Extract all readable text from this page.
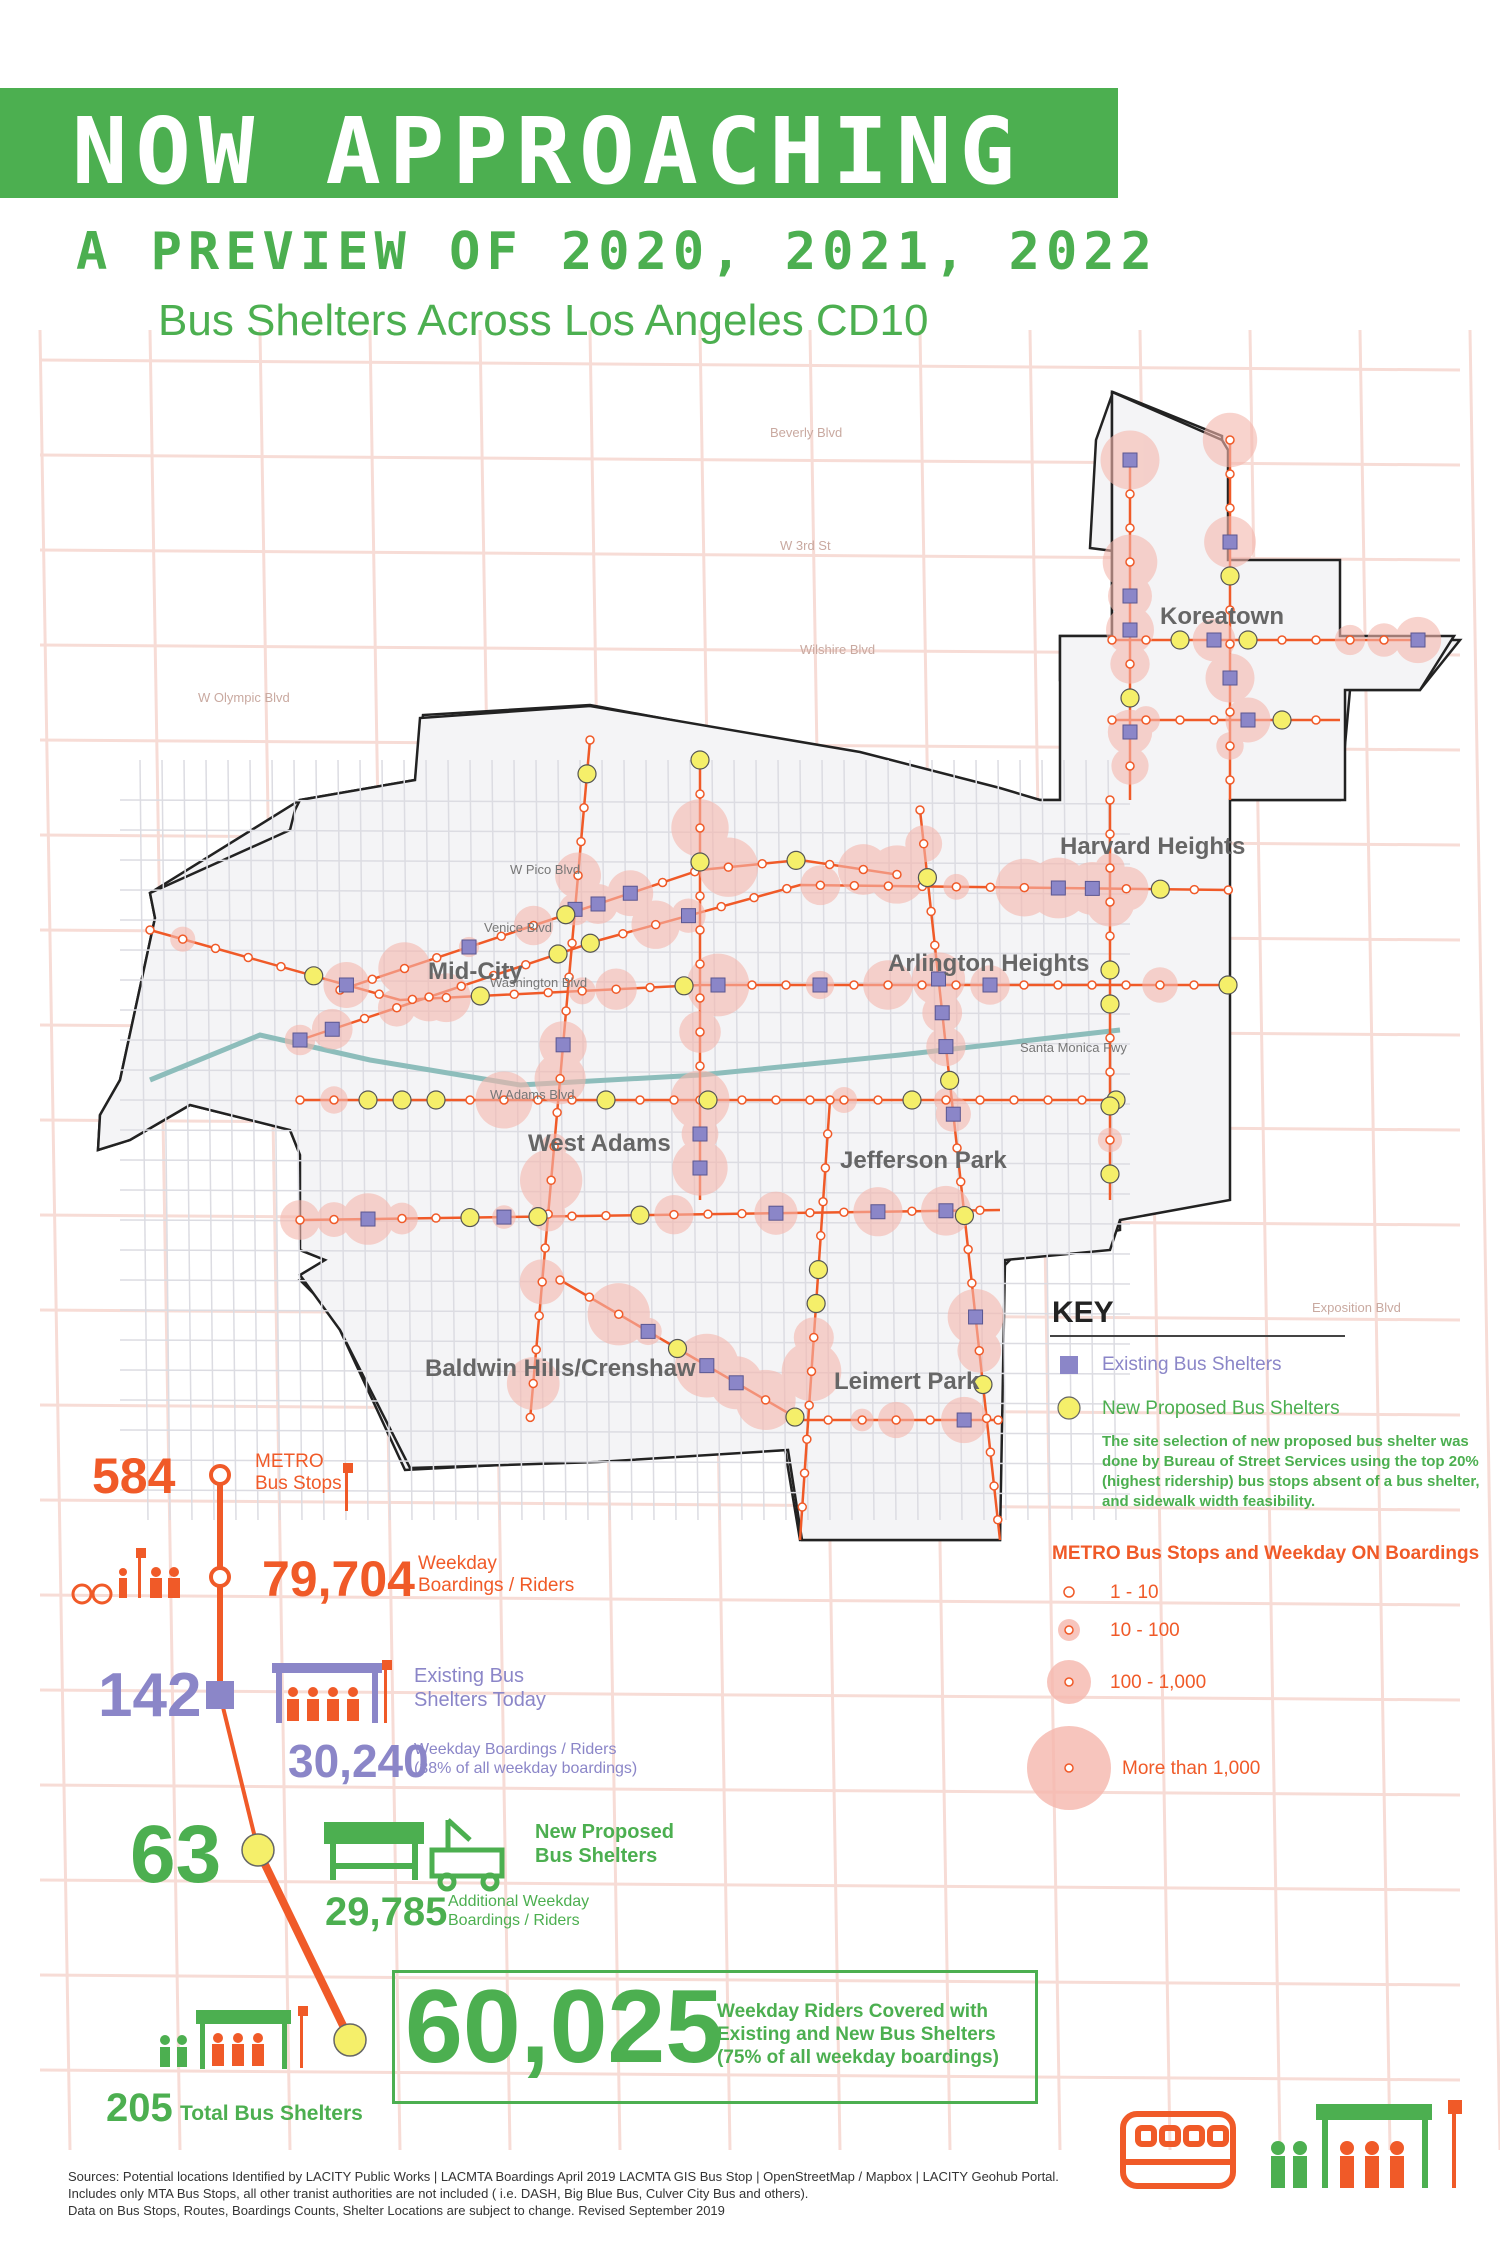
NOW APPROACHING
A PREVIEW OF 2020, 2021, 2022
Bus Shelters Across Los Angeles CD10
Koreatown
Harvard Heights
Mid-City	Arlington Heights
West Adams
Jefferson Park
Baldwin Hills/Crenshaw	Leimert Park
Beverly Blvd
W 3rd St
Wilshire Blvd
W Olympic Blvd
W Pico Blvd
Venice Blvd
Washington Blvd
W Adams Blvd
Santa Monica Fwy
Exposition Blvd
KEY
Existing Bus Shelters
New Proposed Bus Shelters
The site selection of new proposed bus shelter was
done by Bureau of Street Services using the top 20%
(highest ridership) bus stops absent of a bus shelter,
and sidewalk width feasibility.
METRO Bus Stops and Weekday ON Boardings
1 - 10
10 - 100
100 - 1,000
More than 1,000
584	METRO
Bus Stops
79,704 Weekday
Boardings / Riders
142	Existing Bus
Shelters Today
30,240
Weekday Boardings / Riders
(38% of all weekday boardings)
63	New Proposed
Bus Shelters
29,785 Additional Weekday
Boardings / Riders
60,025
Weekday Riders Covered with
Existing and New Bus Shelters
(75% of all weekday boardings)
205 Total Bus Shelters
Sources: Potential locations Identified by LACITY Public Works | LACMTA Boardings April 2019 LACMTA GIS Bus Stop | OpenStreetMap / Mapbox | LACITY Geohub Portal.
Includes only MTA Bus Stops, all other tranist authorities are not included ( i.e. DASH, Big Blue Bus, Culver City Bus and others).
Data on Bus Stops, Routes, Boardings Counts, Shelter Locations are subject to change. Revised September 2019
